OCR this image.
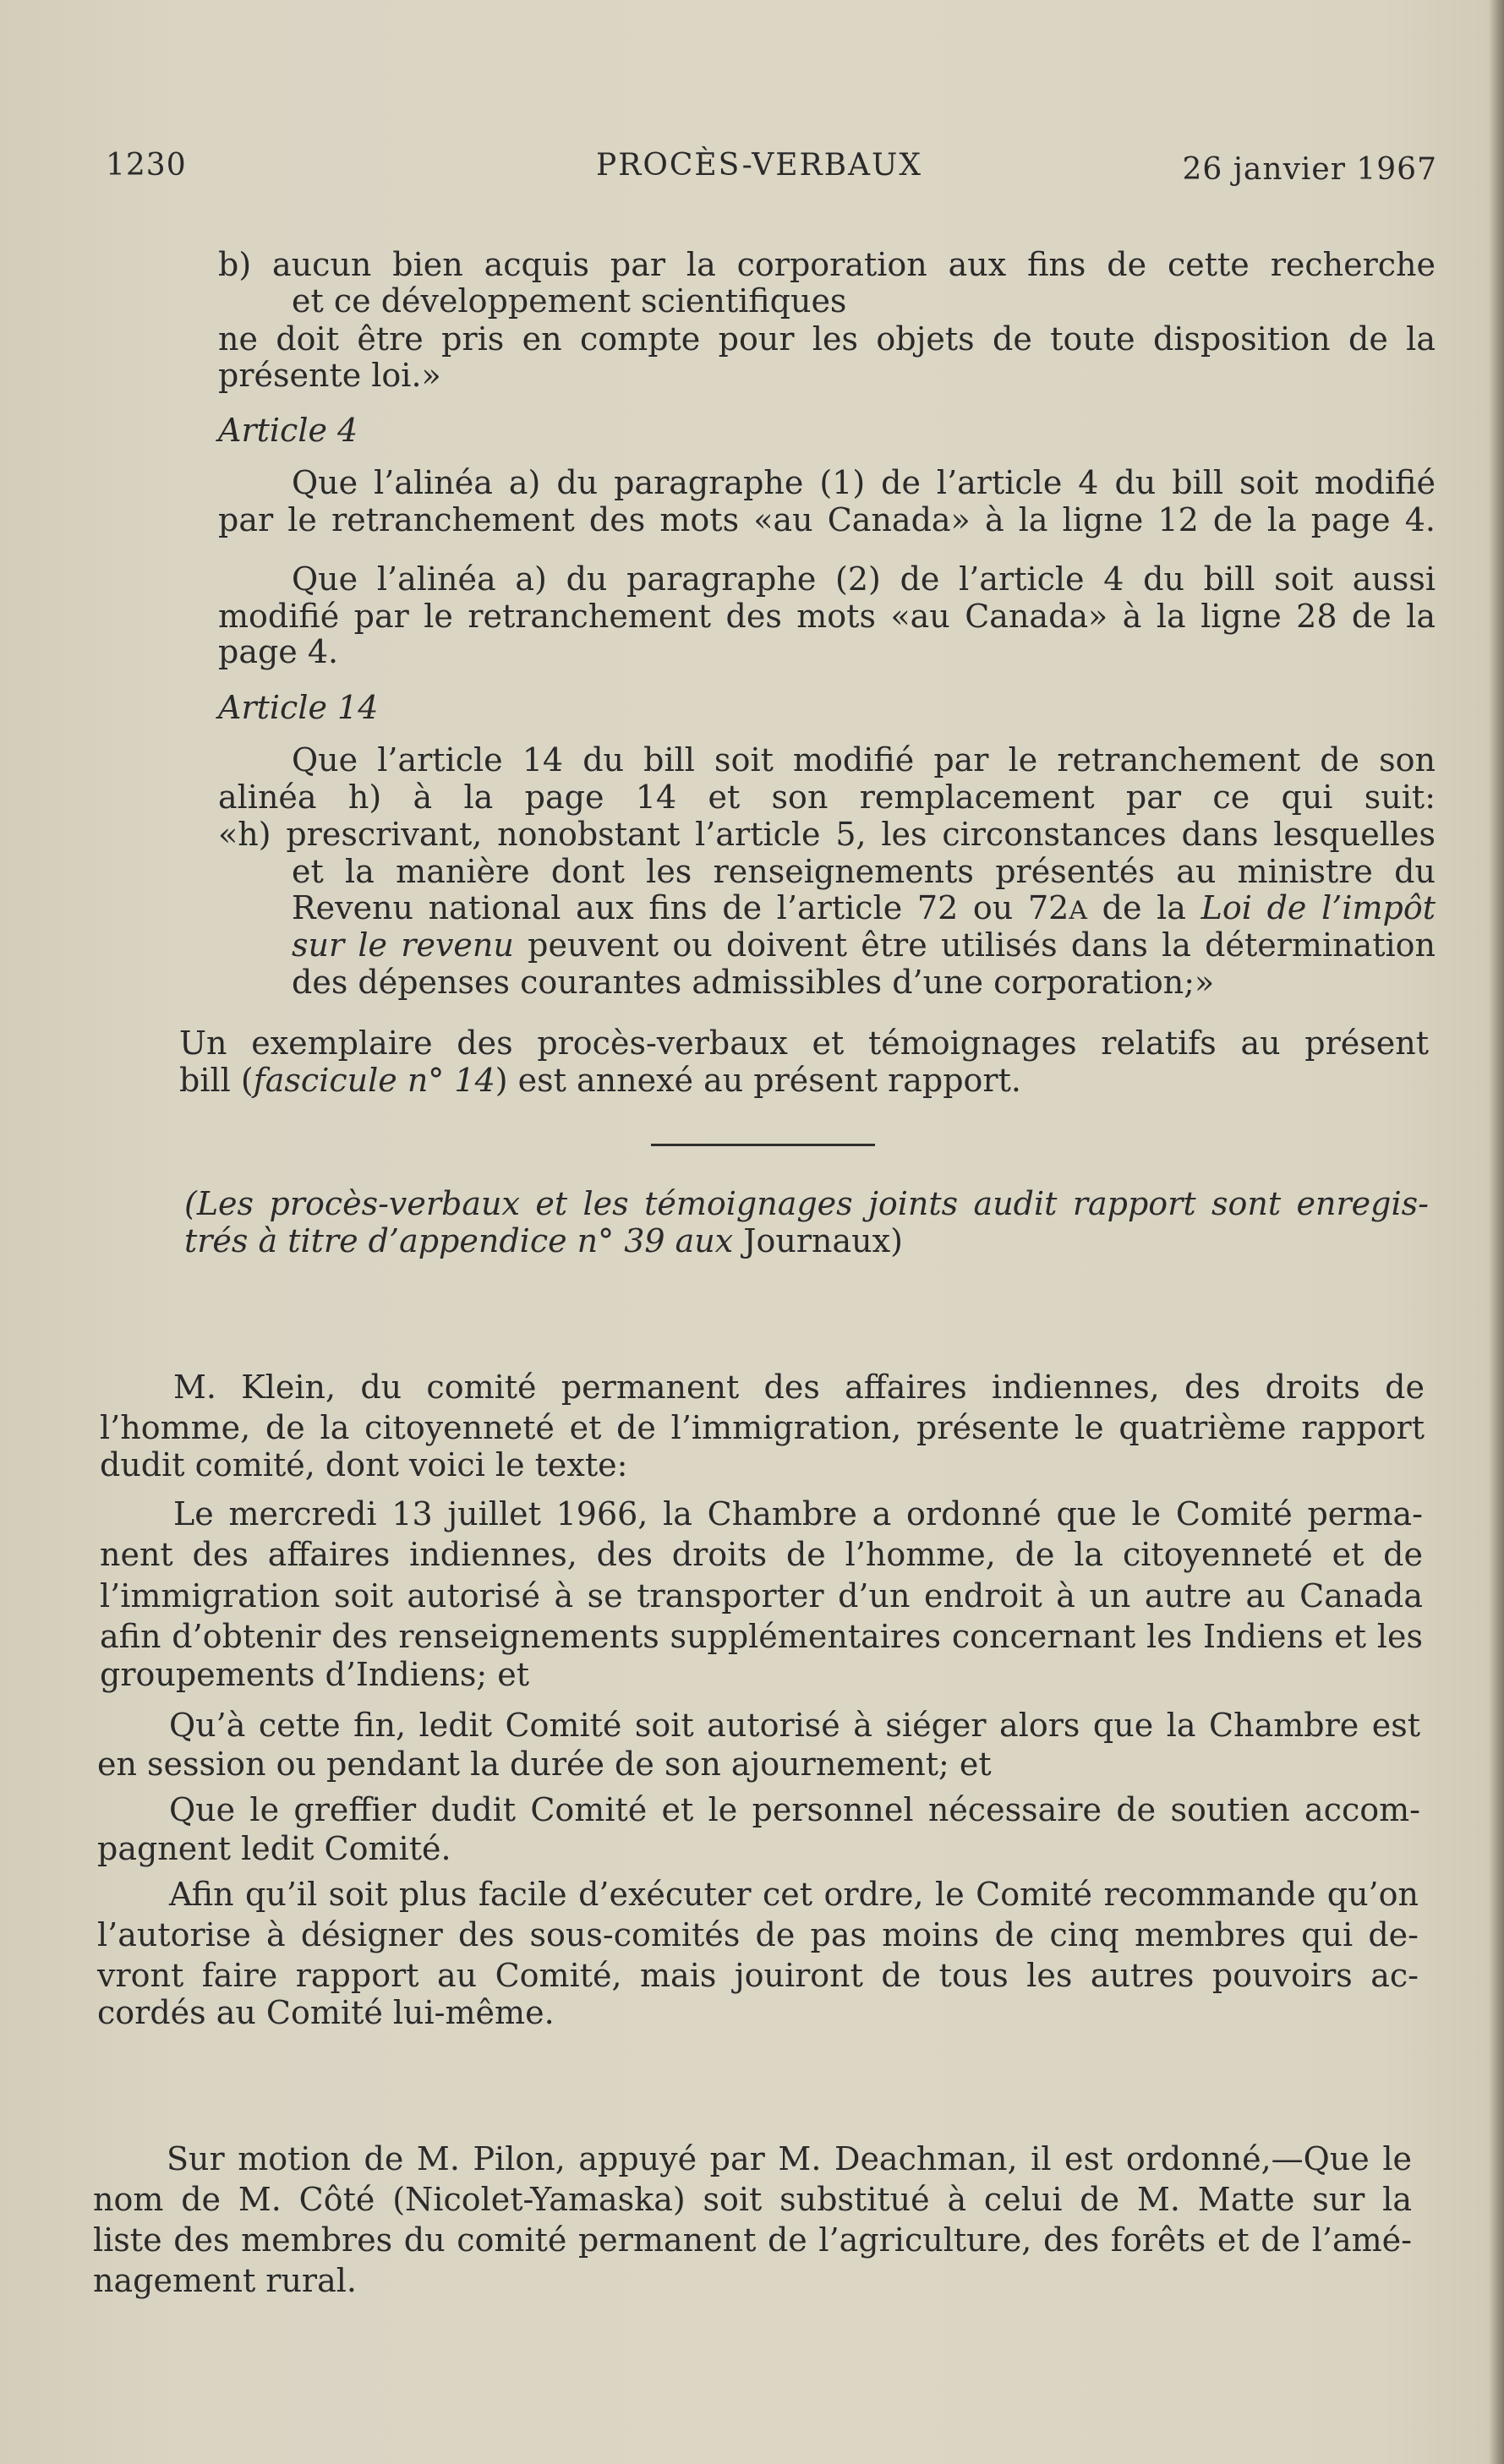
1230	PROCÈS-VERBAUX	26 janvier 1967

b) aucun bien acquis par la corporation aux fins de cette recherche

et ce développement scientifiques

ne doit être pris en compte pour les objets de toute disposition de la

présente loi.»

Article 4

Que l’alinéa a) du paragraphe (1) de l’article 4 du bill soit modifié

par le retranchement des mots «au Canada» à la ligne 12 de la page 4.

Que l’alinéa a) du paragraphe (2) de l’article 4 du bill soit aussi

modifié par le retranchement des mots «au Canada» à la ligne 28 de la

page 4.

Article 14

Que l’article 14 du bill soit modifié par le retranchement de son

alinéa h) à la page 14 et son remplacement par ce qui suit:

«h) prescrivant, nonobstant l’article 5, les circonstances dans lesquelles

et la manière dont les renseignements présentés au ministre du

Revenu national aux fins de l’article 72 ou 72A de la Loi de l’impôt

sur le revenu peuvent ou doivent être utilisés dans la détermination

des dépenses courantes admissibles d’une corporation;»

Un exemplaire des procès-verbaux et témoignages relatifs au présent

bill (fascicule n° 14) est annexé au présent rapport.

(Les procès-verbaux et les témoignages joints audit rapport sont enregis-

trés à titre d’appendice n° 39 aux Journaux)

M. Klein, du comité permanent des affaires indiennes, des droits de

l’homme, de la citoyenneté et de l’immigration, présente le quatrième rapport

dudit comité, dont voici le texte:

Le mercredi 13 juillet 1966, la Chambre a ordonné que le Comité perma-

nent des affaires indiennes, des droits de l’homme, de la citoyenneté et de

l’immigration soit autorisé à se transporter d’un endroit à un autre au Canada

afin d’obtenir des renseignements supplémentaires concernant les Indiens et les

groupements d’Indiens; et

Qu’à cette fin, ledit Comité soit autorisé à siéger alors que la Chambre est

en session ou pendant la durée de son ajournement; et

Que le greffier dudit Comité et le personnel nécessaire de soutien accom-

pagnent ledit Comité.

Afin qu’il soit plus facile d’exécuter cet ordre, le Comité recommande qu’on

l’autorise à désigner des sous-comités de pas moins de cinq membres qui de-

vront faire rapport au Comité, mais jouiront de tous les autres pouvoirs ac-

cordés au Comité lui-même.

Sur motion de M. Pilon, appuyé par M. Deachman, il est ordonné,—Que le

nom de M. Côté (Nicolet-Yamaska) soit substitué à celui de M. Matte sur la

liste des membres du comité permanent de l’agriculture, des forêts et de l’amé-

nagement rural.
